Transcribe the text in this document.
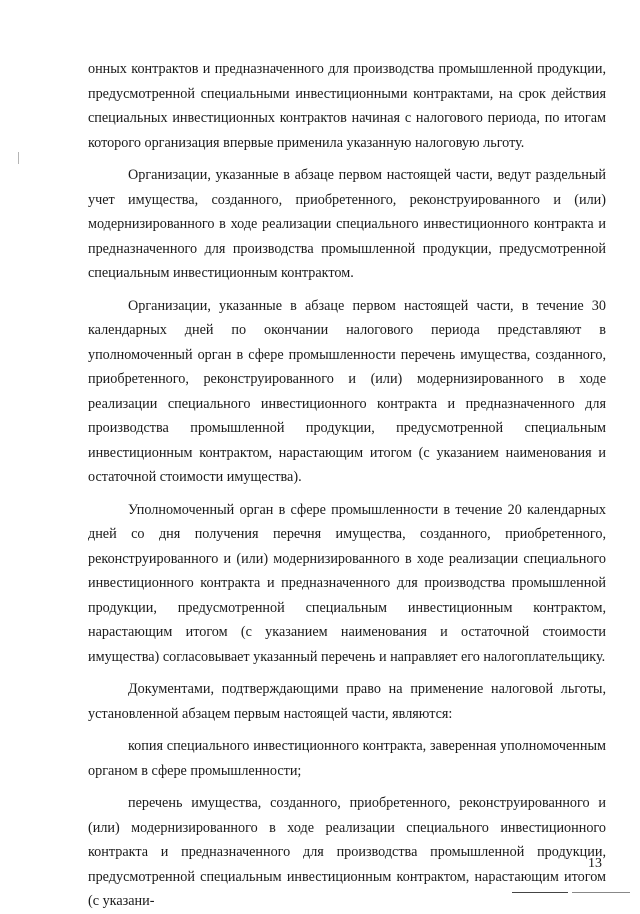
онных контрактов и предназначенного для производства промышленной продукции, предусмотренной специальными инвестиционными контрактами, на срок действия специальных инвестиционных контрактов начиная с налогового периода, по итогам которого организация впервые применила указанную налоговую льготу.

Организации, указанные в абзаце первом настоящей части, ведут раздельный учет имущества, созданного, приобретенного, реконструированного и (или) модернизированного в ходе реализации специального инвестиционного контракта и предназначенного для производства промышленной продукции, предусмотренной специальным инвестиционным контрактом.

Организации, указанные в абзаце первом настоящей части, в течение 30 календарных дней по окончании налогового периода представляют в уполномоченный орган в сфере промышленности перечень имущества, созданного, приобретенного, реконструированного и (или) модернизированного в ходе реализации специального инвестиционного контракта и предназначенного для производства промышленной продукции, предусмотренной специальным инвестиционным контрактом, нарастающим итогом (с указанием наименования и остаточной стоимости имущества).

Уполномоченный орган в сфере промышленности в течение 20 календарных дней со дня получения перечня имущества, созданного, приобретенного, реконструированного и (или) модернизированного в ходе реализации специального инвестиционного контракта и предназначенного для производства промышленной продукции, предусмотренной специальным инвестиционным контрактом, нарастающим итогом (с указанием наименования и остаточной стоимости имущества) согласовывает указанный перечень и направляет его налогоплательщику.

Документами, подтверждающими право на применение налоговой льготы, установленной абзацем первым настоящей части, являются:

копия специального инвестиционного контракта, заверенная уполномоченным органом в сфере промышленности;

перечень имущества, созданного, приобретенного, реконструированного и (или) модернизированного в ходе реализации специального инвестиционного контракта и предназначенного для производства промышленной продукции, предусмотренной специальным инвестиционным контрактом, нарастающим итогом (с указани-

13
